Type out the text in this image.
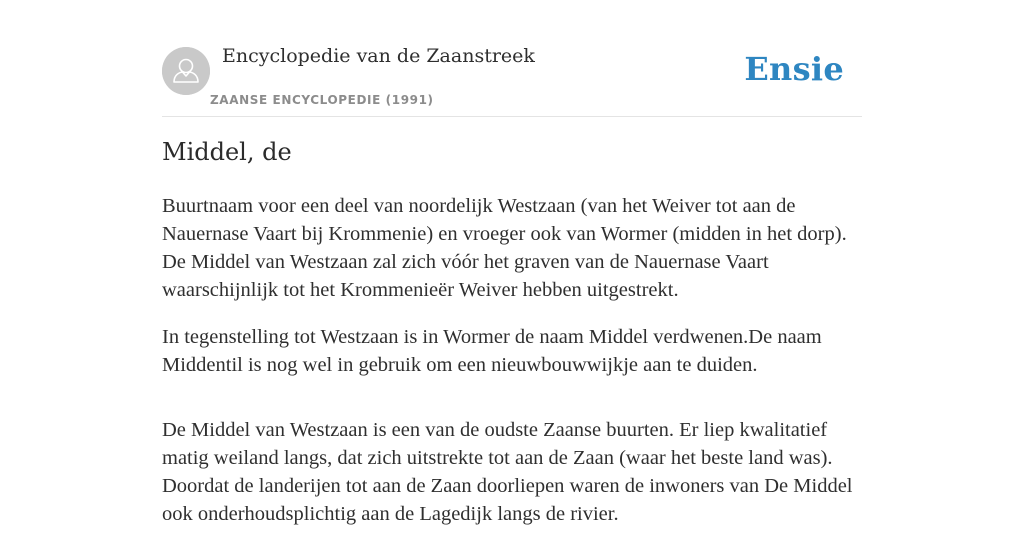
Encyclopedie van de Zaanstreek
ZAANSE ENCYCLOPEDIE (1991)
Ensie
Middel, de

Buurtnaam voor een deel van noordelijk Westzaan (van het Weiver tot aan de Nauernase Vaart bij Krommenie) en vroeger ook van Wormer (midden in het dorp). De Middel van Westzaan zal zich vóór het graven van de Nauernase Vaart waarschijnlijk tot het Krommenieër Weiver hebben uitgestrekt.

In tegenstelling tot Westzaan is in Wormer de naam Middel verdwenen.De naam Middentil is nog wel in gebruik om een nieuwbouwwijkje aan te duiden.

De Middel van Westzaan is een van de oudste Zaanse buurten. Er liep kwalitatief matig weiland langs, dat zich uitstrekte tot aan de Zaan (waar het beste land was). Doordat de landerijen tot aan de Zaan doorliepen waren de inwoners van De Middel ook onderhoudsplichtig aan de Lagedijk langs de rivier.
